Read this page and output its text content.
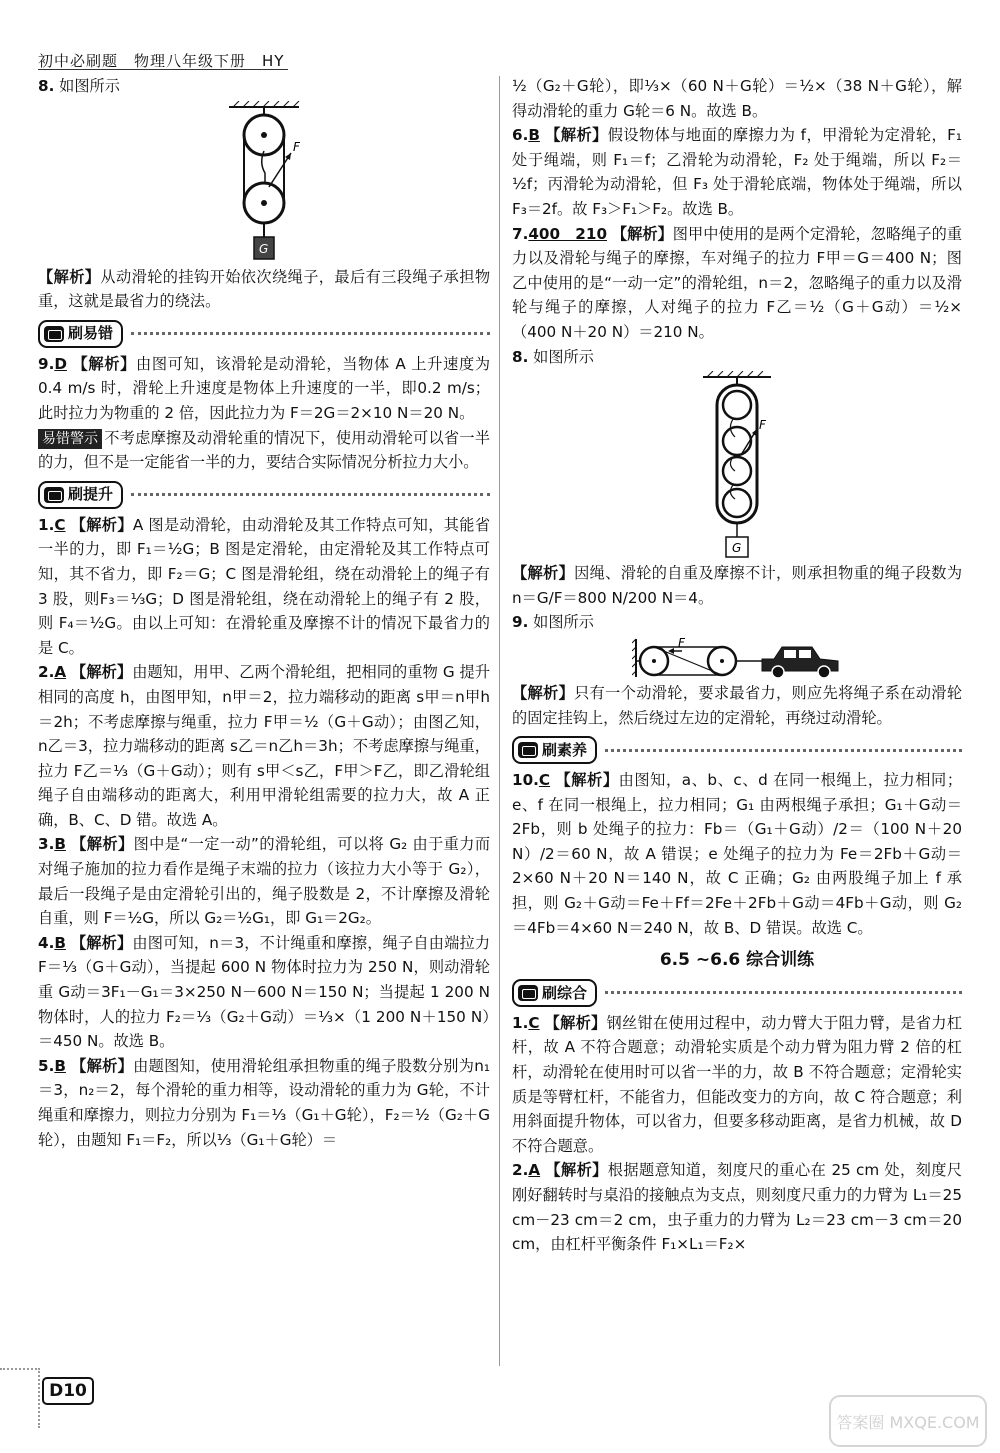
初中必刷题 物理八年级下册 HY

8. 如图所示

F
G

【解析】从动滑轮的挂钩开始依次绕绳子，最后有三段绳子承担物重，这就是最省力的绕法。

刷易错

9.D 【解析】由图可知，该滑轮是动滑轮，当物体 A 上升速度为 0.4 m/s 时，滑轮上升速度是物体上升速度的一半，即0.2 m/s；此时拉力为物重的 2 倍，因此拉力为 F＝2G＝2×10 N＝20 N。

易错警示 不考虑摩擦及动滑轮重的情况下，使用动滑轮可以省一半的力，但不是一定能省一半的力，要结合实际情况分析拉力大小。

刷提升

1.C 【解析】A 图是动滑轮，由动滑轮及其工作特点可知，其能省一半的力，即 F₁＝½G；B 图是定滑轮，由定滑轮及其工作特点可知，其不省力，即 F₂＝G；C 图是滑轮组，绕在动滑轮上的绳子有 3 股，则F₃＝⅓G；D 图是滑轮组，绕在动滑轮上的绳子有 2 股，则 F₄＝½G。由以上可知：在滑轮重及摩擦不计的情况下最省力的是 C。

2.A 【解析】由题知，用甲、乙两个滑轮组，把相同的重物 G 提升相同的高度 h，由图甲知，n甲＝2，拉力端移动的距离 s甲＝n甲h＝2h；不考虑摩擦与绳重，拉力 F甲＝½（G＋G动）；由图乙知，n乙＝3，拉力端移动的距离 s乙＝n乙h＝3h；不考虑摩擦与绳重，拉力 F乙＝⅓（G＋G动）；则有 s甲＜s乙，F甲＞F乙，即乙滑轮组绳子自由端移动的距离大，利用甲滑轮组需要的拉力大，故 A 正确，B、C、D 错。故选 A。

3.B 【解析】图中是“一定一动”的滑轮组，可以将 G₂ 由于重力而对绳子施加的拉力看作是绳子末端的拉力（该拉力大小等于 G₂），最后一段绳子是由定滑轮引出的，绳子股数是 2，不计摩擦及滑轮自重，则 F＝½G，所以 G₂＝½G₁，即 G₁＝2G₂。

4.B 【解析】由图可知，n＝3，不计绳重和摩擦，绳子自由端拉力 F＝⅓（G＋G动），当提起 600 N 物体时拉力为 250 N，则动滑轮重 G动＝3F₁－G₁＝3×250 N－600 N＝150 N；当提起 1 200 N 物体时，人的拉力 F₂＝⅓（G₂＋G动）＝⅓×（1 200 N＋150 N）＝450 N。故选 B。

5.B 【解析】由题图知，使用滑轮组承担物重的绳子股数分别为n₁＝3，n₂＝2，每个滑轮的重力相等，设动滑轮的重力为 G轮，不计绳重和摩擦力，则拉力分别为 F₁＝⅓（G₁＋G轮），F₂＝½（G₂＋G轮），由题知 F₁＝F₂，所以⅓（G₁＋G轮）＝

½（G₂＋G轮），即⅓×（60 N＋G轮）＝½×（38 N＋G轮），解得动滑轮的重力 G轮＝6 N。故选 B。

6.B 【解析】假设物体与地面的摩擦力为 f，甲滑轮为定滑轮，F₁ 处于绳端，则 F₁＝f；乙滑轮为动滑轮，F₂ 处于绳端，所以 F₂＝½f；丙滑轮为动滑轮，但 F₃ 处于滑轮底端，物体处于绳端，所以 F₃＝2f。故 F₃＞F₁＞F₂。故选 B。

7.400　210 【解析】图甲中使用的是两个定滑轮，忽略绳子的重力以及滑轮与绳子的摩擦，车对绳子的拉力 F甲＝G＝400 N；图乙中使用的是“一动一定”的滑轮组，n＝2，忽略绳子的重力以及滑轮与绳子的摩擦，人对绳子的拉力 F乙＝½（G＋G动）＝½×（400 N＋20 N）＝210 N。

8. 如图所示

F
G

【解析】因绳、滑轮的自重及摩擦不计，则承担物重的绳子段数为 n＝G/F＝800 N/200 N＝4。

9. 如图所示

F

【解析】只有一个动滑轮，要求最省力，则应先将绳子系在动滑轮的固定挂钩上，然后绕过左边的定滑轮，再绕过动滑轮。

刷素养

10.C 【解析】由图知，a、b、c、d 在同一根绳上，拉力相同；e、f 在同一根绳上，拉力相同；G₁ 由两根绳子承担；G₁＋G动＝2Fb，则 b 处绳子的拉力：Fb＝（G₁＋G动）/2＝（100 N＋20 N）/2＝60 N，故 A 错误；e 处绳子的拉力为 Fe＝2Fb＋G动＝2×60 N＋20 N＝140 N，故 C 正确；G₂ 由两股绳子加上 f 承担，则 G₂＋G动＝Fe＋Ff＝2Fe＋2Fb＋G动＝4Fb＋G动，则 G₂＝4Fb＝4×60 N＝240 N，故 B、D 错误。故选 C。

6.5 ~6.6 综合训练
刷综合

1.C 【解析】钢丝钳在使用过程中，动力臂大于阻力臂，是省力杠杆，故 A 不符合题意；动滑轮实质是个动力臂为阻力臂 2 倍的杠杆，动滑轮在使用时可以省一半的力，故 B 不符合题意；定滑轮实质是等臂杠杆，不能省力，但能改变力的方向，故 C 符合题意；利用斜面提升物体，可以省力，但要多移动距离，是省力机械，故 D 不符合题意。

2.A 【解析】根据题意知道，刻度尺的重心在 25 cm 处，刻度尺刚好翻转时与桌沿的接触点为支点，则刻度尺重力的力臂为 L₁＝25 cm－23 cm＝2 cm，虫子重力的力臂为 L₂＝23 cm－3 cm＝20 cm，由杠杆平衡条件 F₁×L₁＝F₂×

D10
答案圈 MXQE.COM
